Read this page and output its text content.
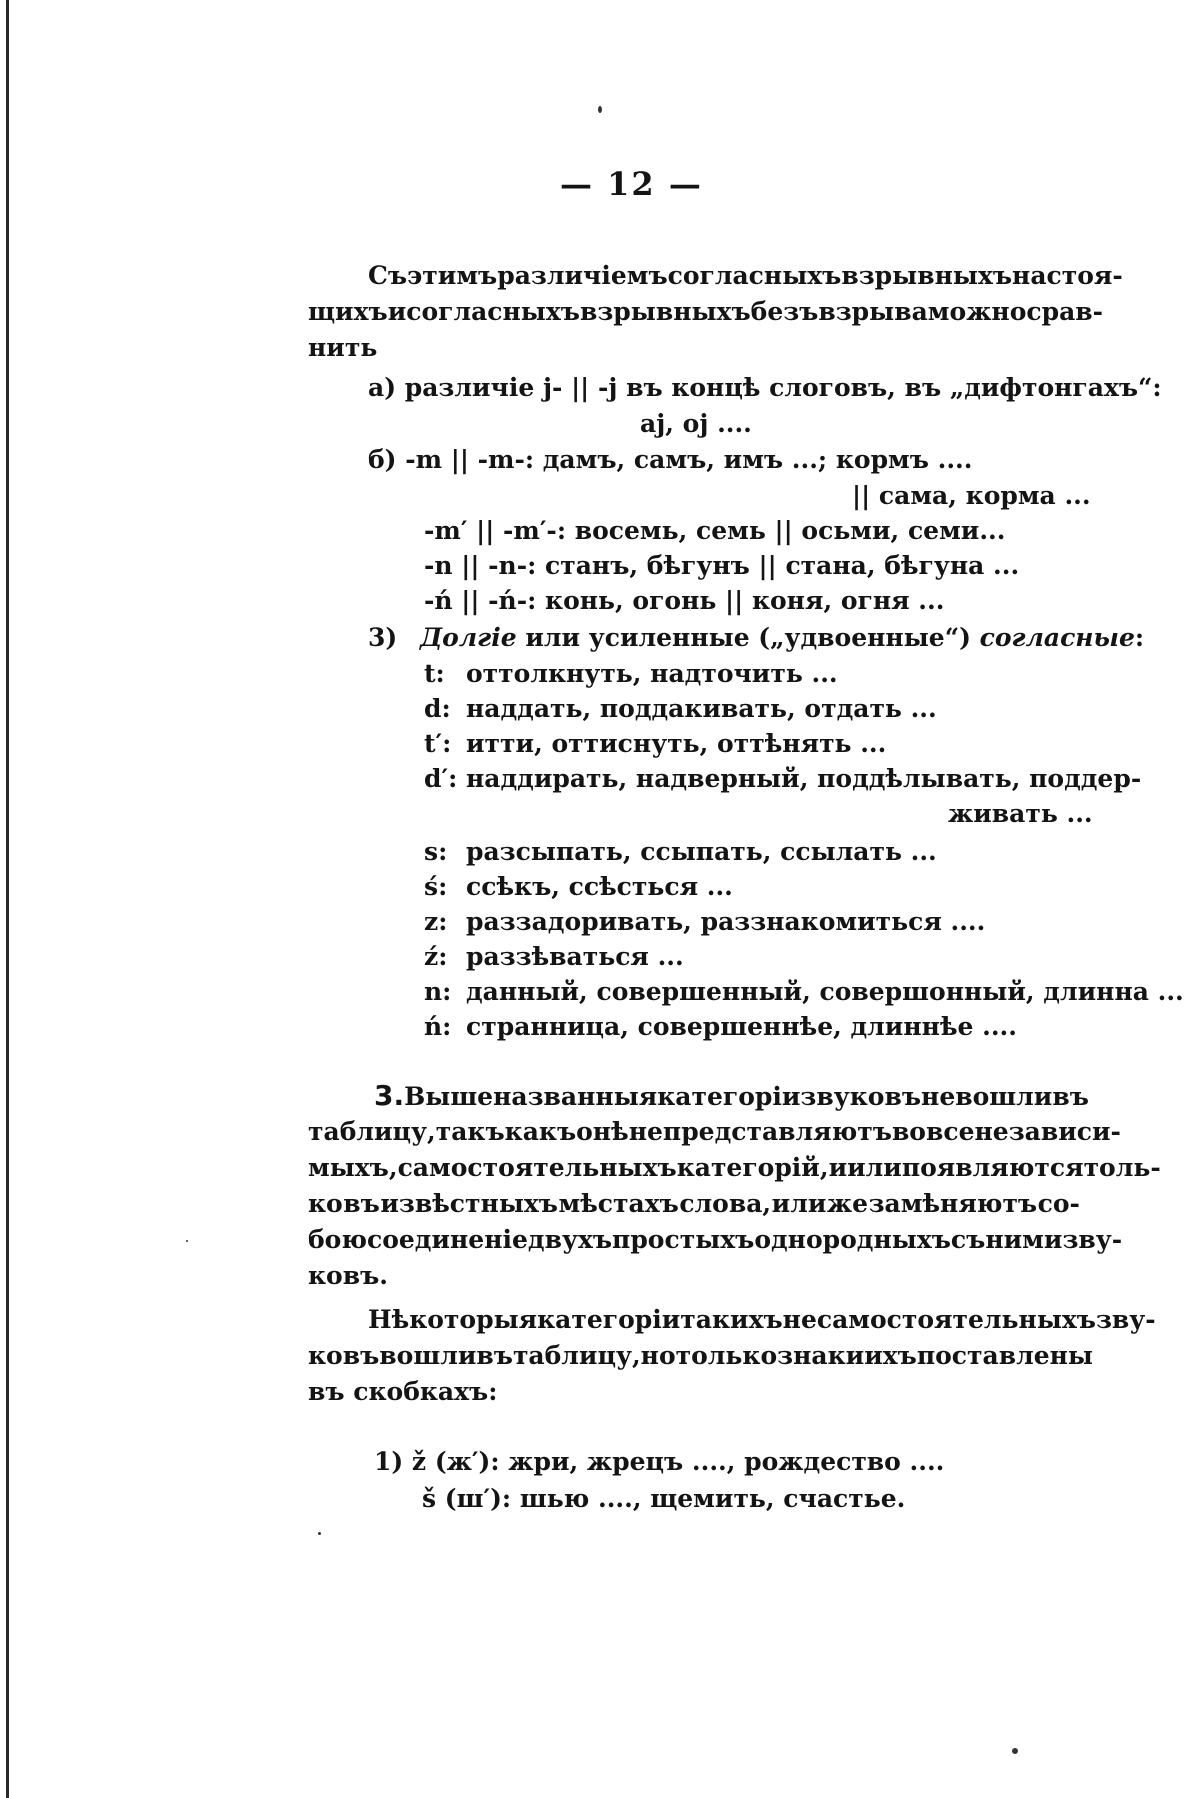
— 12 —
Съ этимъ различіемъ согласныхъ взрывныхъ настоя-
щихъ и согласныхъ взрывныхъ безъ взрыва можно срав-
нить
а) различіе j- || -j въ концѣ слоговъ, въ „дифтонгахъ“:
aj, oj ....
б) -m || -m-: дамъ, самъ, имъ ...; кормъ ....
|| сама, корма ...
-m′ || -m′-: восемь, семь || осьми, семи...
-n || -n-: станъ, бѣгунъ || стана, бѣгуна ...
-ń || -ń-: конь, огонь || коня, огня ...
3) Долгіе или усиленные („удвоенные“) согласные:
t: оттолкнуть, надточить ...
d: наддать, поддакивать, отдать ...
t′: итти, оттиснуть, оттѣнять ...
d′: наддирать, надверный, поддѣлывать, поддер-
живать ...
s: разсыпать, ссыпать, ссылать ...
ś: ссѣкъ, ссѣсться ...
z: раззадоривать, раззнакомиться ....
ź: раззѣваться ...
n: данный, совершенный, совершонный, длинна ...
ń: странница, совершеннѣе, длиннѣе ....
3. Выше названныя категоріи звуковъ не вошли въ
таблицу, такъ какъ онѣ не представляютъ вовсе независи-
мыхъ, самостоятельныхъ категорій, и или появляются толь-
ко въ извѣстныхъ мѣстахъ слова, или же замѣняютъ со-
бою соединеніе двухъ простыхъ однородныхъ съ ними зву-
ковъ.
Нѣкоторыя категоріи такихъ несамостоятельныхъ зву-
ковъ вошли въ таблицу, но только знаки ихъ поставлены
въ скобкахъ:
1) ž (ж′): жри, жрецъ ...., рождество ....
š (ш′): шью ...., щемить, счастье.
